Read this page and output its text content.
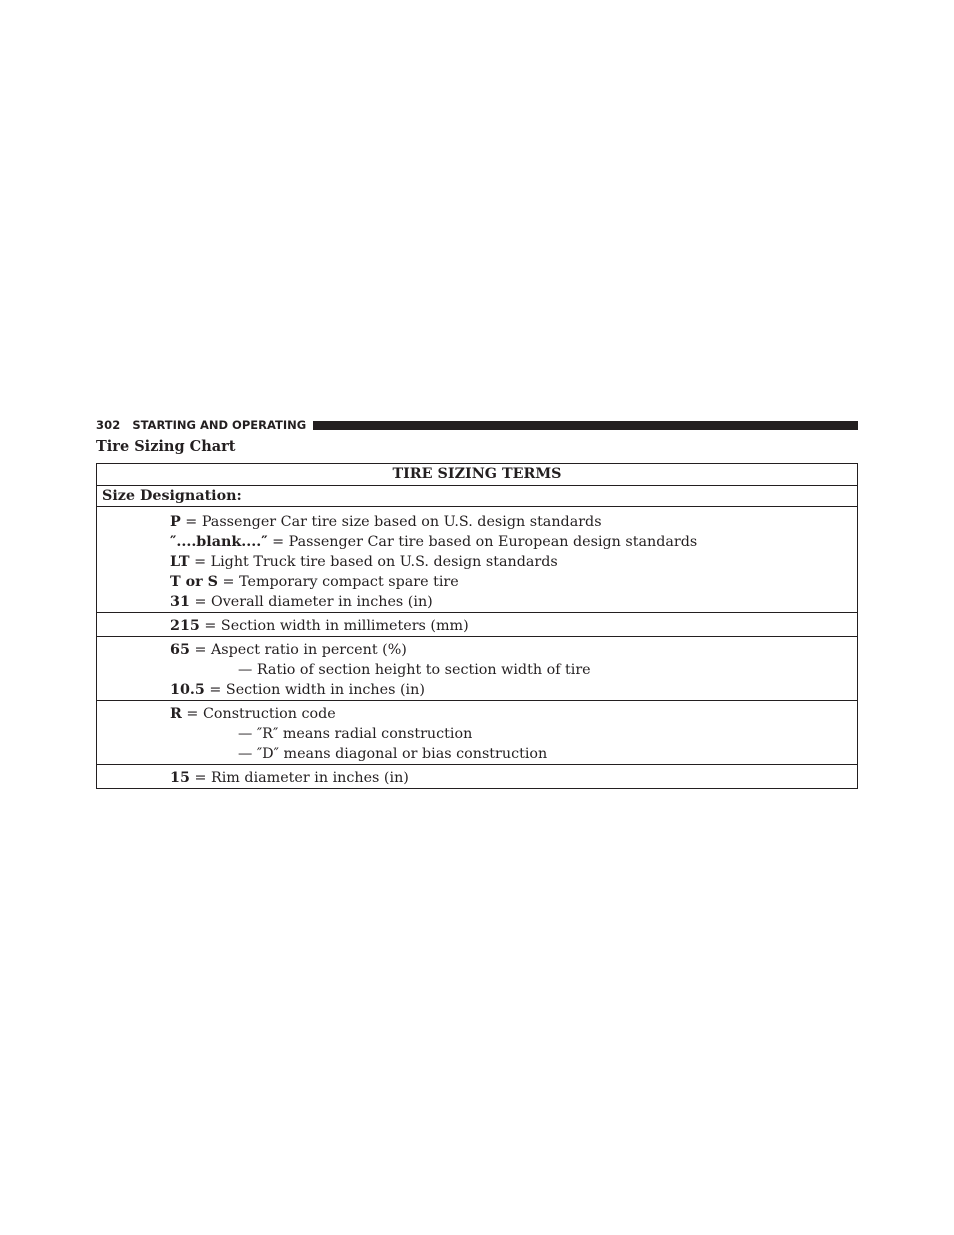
302 STARTING AND OPERATING
Tire Sizing Chart
TIRE SIZING TERMS
Size Designation:
P = Passenger Car tire size based on U.S. design standards
″....blank....″ = Passenger Car tire based on European design standards
LT = Light Truck tire based on U.S. design standards
T or S = Temporary compact spare tire
31 = Overall diameter in inches (in)
215 = Section width in millimeters (mm)
65 = Aspect ratio in percent (%)
— Ratio of section height to section width of tire
10.5 = Section width in inches (in)
R = Construction code
— ″R″ means radial construction
— ″D″ means diagonal or bias construction
15 = Rim diameter in inches (in)
